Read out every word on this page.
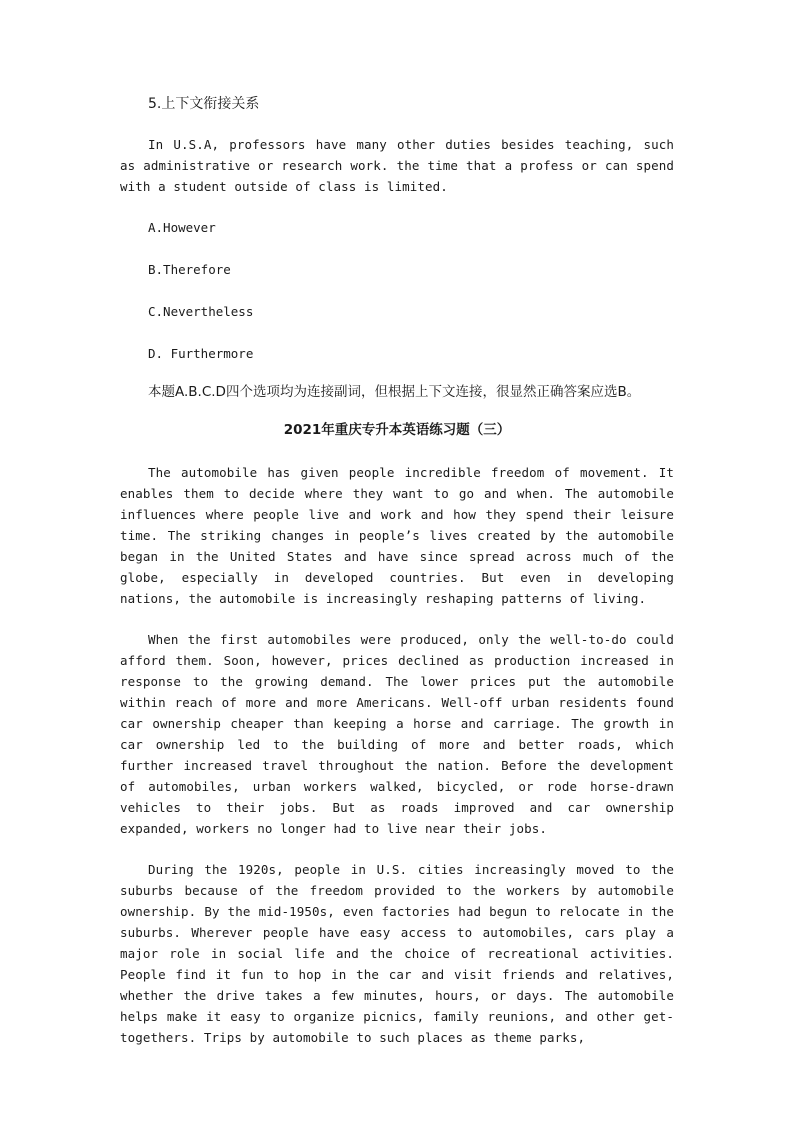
5.上下文衔接关系

In U.S.A, professors have many other duties besides teaching, such as administrative or research work. the time that a profess or can spend with a student outside of class is limited.

A.However
B.Therefore
C.Nevertheless
D. Furthermore
本题A.B.C.D四个选项均为连接副词，但根据上下文连接，很显然正确答案应选B。
2021年重庆专升本英语练习题（三）

The automobile has given people incredible freedom of movement. It enables them to decide where they want to go and when. The automobile influences where people live and work and how they spend their leisure time. The striking changes in people’s lives created by the automobile began in the United States and have since spread across much of the globe, especially in developed countries. But even in developing nations, the automobile is increasingly reshaping patterns of living.

When the first automobiles were produced, only the well-to-do could afford them. Soon, however, prices declined as production increased in response to the growing demand. The lower prices put the automobile within reach of more and more Americans. Well-off urban residents found car ownership cheaper than keeping a horse and carriage. The growth in car ownership led to the building of more and better roads, which further increased travel throughout the nation. Before the development of automobiles, urban workers walked, bicycled, or rode horse-drawn vehicles to their jobs. But as roads improved and car ownership expanded, workers no longer had to live near their jobs.

During the 1920s, people in U.S. cities increasingly moved to the suburbs because of the freedom provided to the workers by automobile ownership. By the mid-1950s, even factories had begun to relocate in the suburbs. Wherever people have easy access to automobiles, cars play a major role in social life and the choice of recreational activities. People find it fun to hop in the car and visit friends and relatives, whether the drive takes a few minutes, hours, or days. The automobile helps make it easy to organize picnics, family reunions, and other get-togethers. Trips by automobile to such places as theme parks,
